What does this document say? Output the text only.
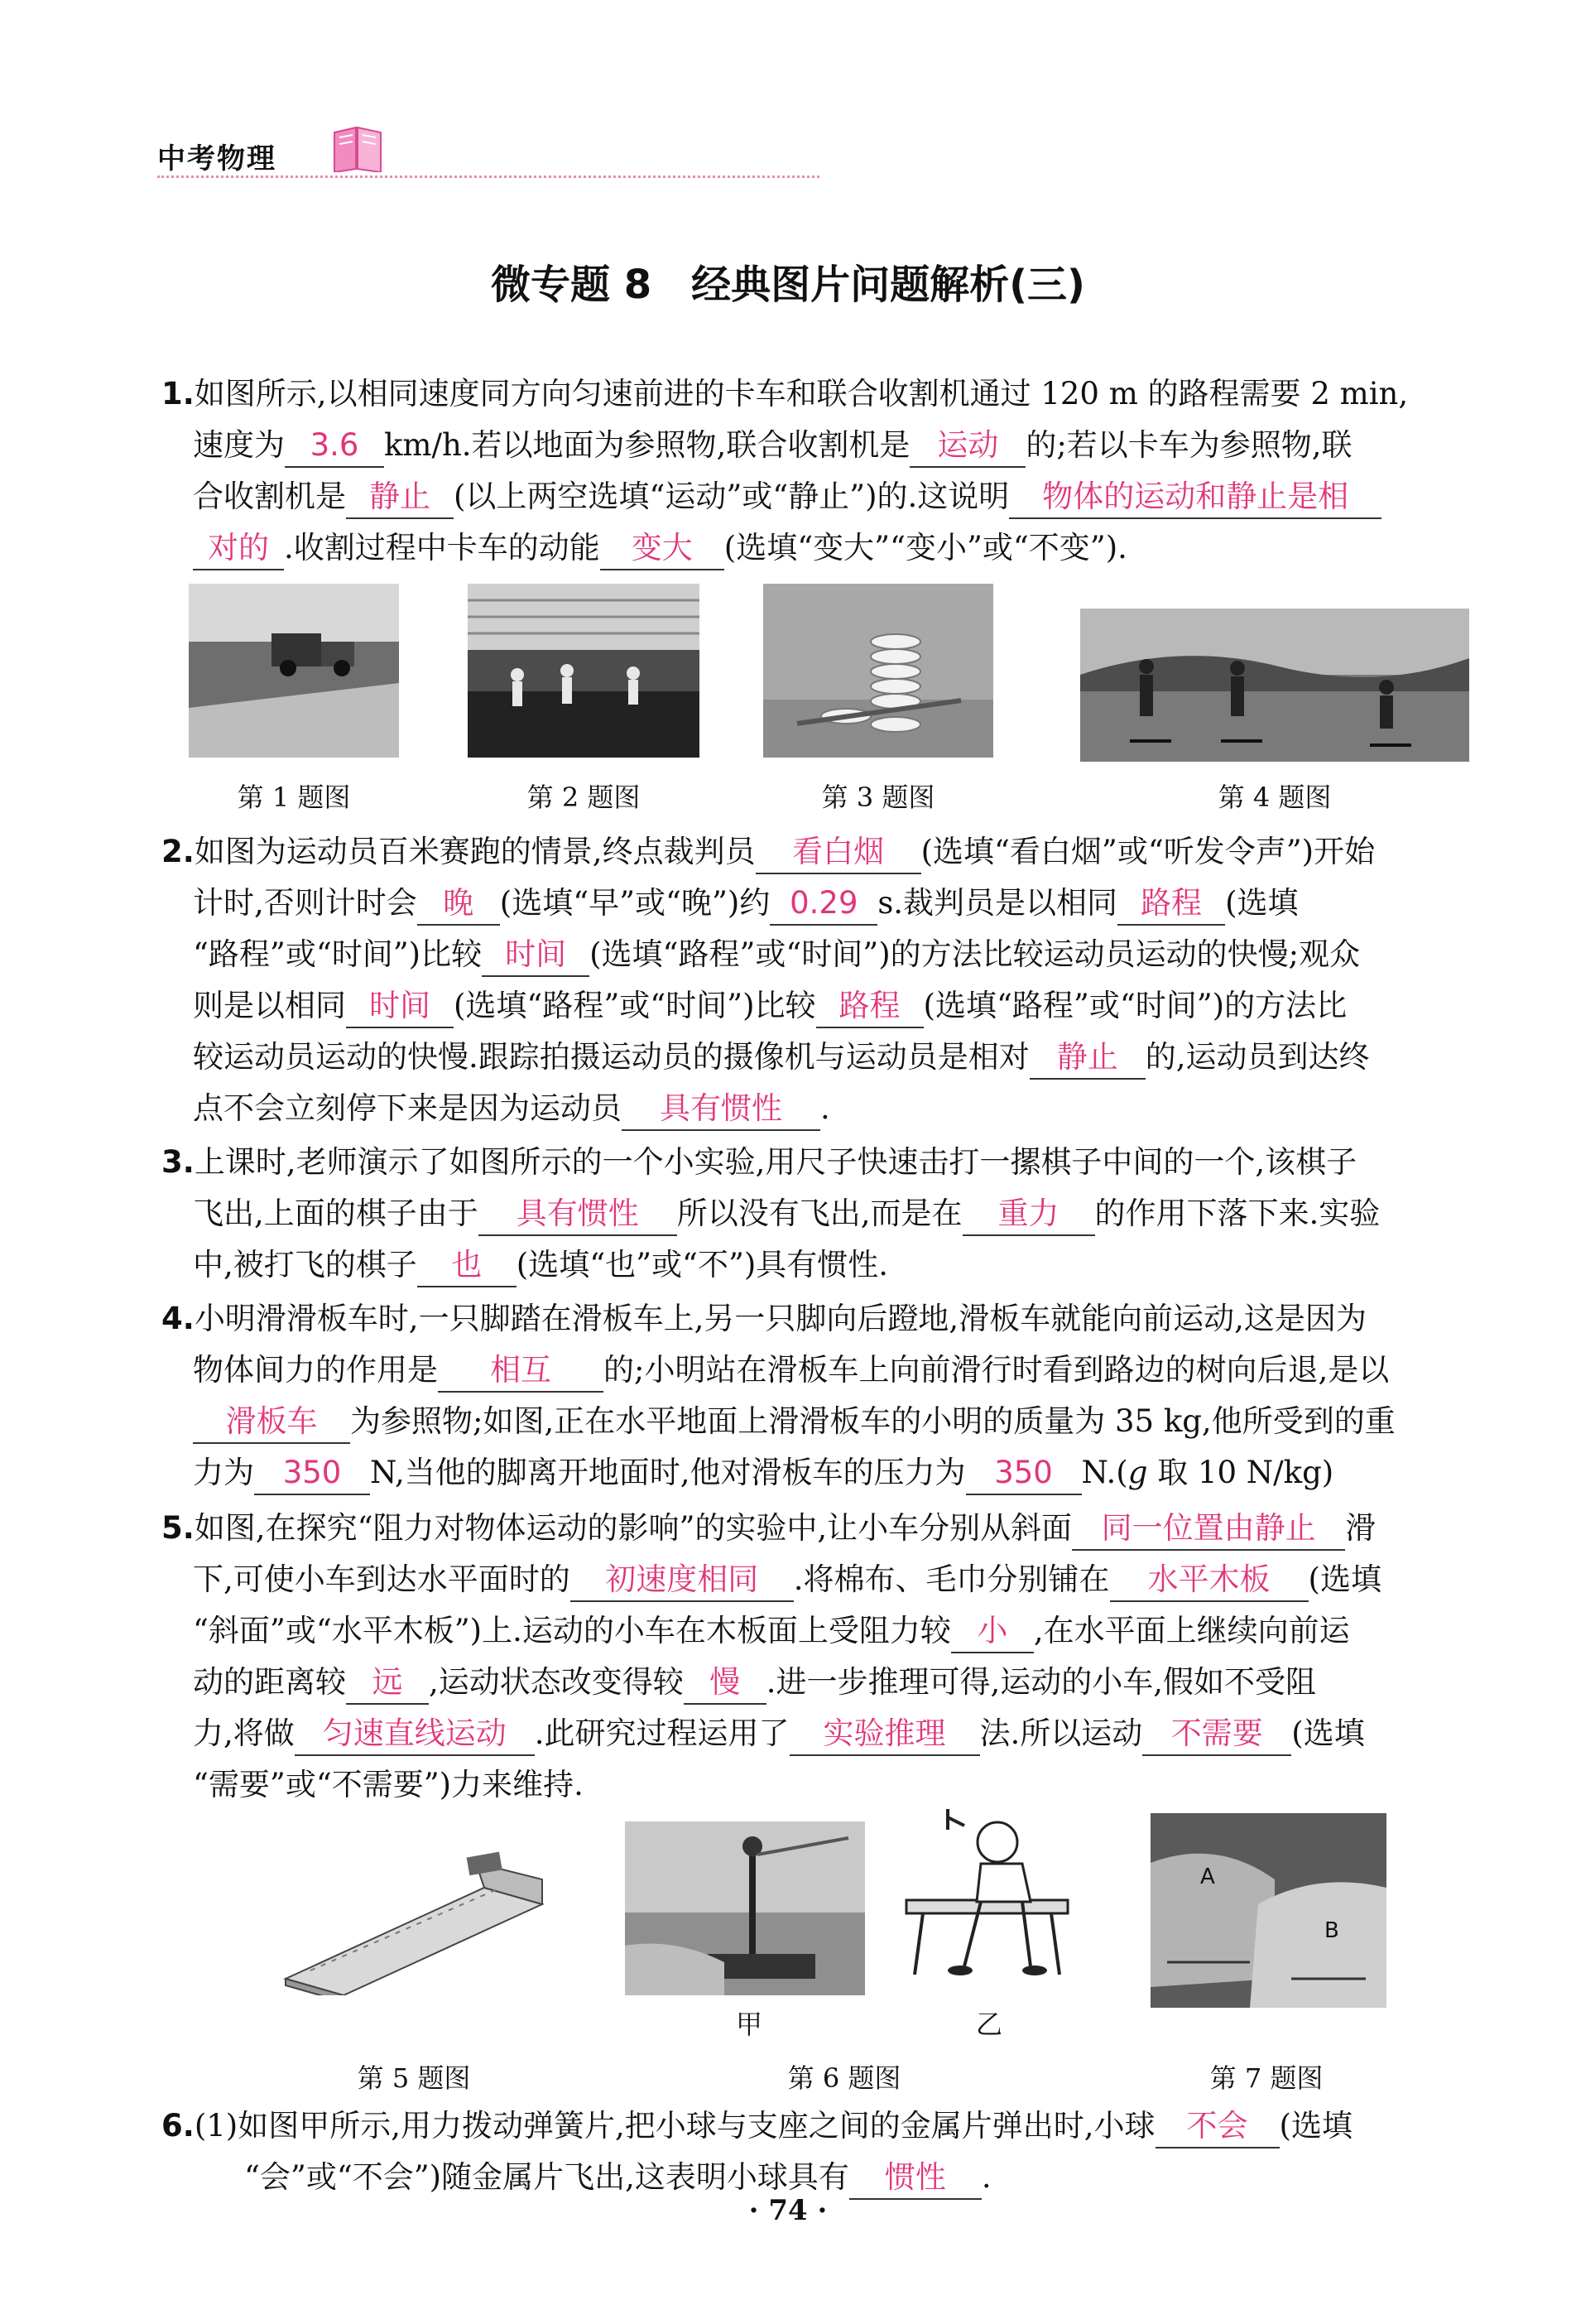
中考物理
微专题 8　经典图片问题解析(三)

1.如图所示,以相同速度同方向匀速前进的卡车和联合收割机通过 120 m 的路程需要 2 min,

速度为 3.6 km/h.若以地面为参照物,联合收割机是 运动 的;若以卡车为参照物,联

合收割机是 静止 (以上两空选填“运动”或“静止”)的.这说明 物体的运动和静止是相

对的 .收割过程中卡车的动能 变大 (选填“变大”“变小”或“不变”).

第 1 题图	第 2 题图	第 3 题图	第 4 题图

2.如图为运动员百米赛跑的情景,终点裁判员 看白烟 (选填“看白烟”或“听发令声”)开始

计时,否则计时会 晚 (选填“早”或“晚”)约 0.29 s.裁判员是以相同 路程 (选填

“路程”或“时间”)比较 时间 (选填“路程”或“时间”)的方法比较运动员运动的快慢;观众

则是以相同 时间 (选填“路程”或“时间”)比较 路程 (选填“路程”或“时间”)的方法比

较运动员运动的快慢.跟踪拍摄运动员的摄像机与运动员是相对 静止 的,运动员到达终

点不会立刻停下来是因为运动员 具有惯性 .

3.上课时,老师演示了如图所示的一个小实验,用尺子快速击打一摞棋子中间的一个,该棋子

飞出,上面的棋子由于 具有惯性 所以没有飞出,而是在 重力 的作用下落下来.实验

中,被打飞的棋子 也 (选填“也”或“不”)具有惯性.

4.小明滑滑板车时,一只脚踏在滑板车上,另一只脚向后蹬地,滑板车就能向前运动,这是因为

物体间力的作用是 相互 的;小明站在滑板车上向前滑行时看到路边的树向后退,是以

滑板车 为参照物;如图,正在水平地面上滑滑板车的小明的质量为 35 kg,他所受到的重

力为 350 N,当他的脚离开地面时,他对滑板车的压力为 350 N.(g 取 10 N/kg)

5.如图,在探究“阻力对物体运动的影响”的实验中,让小车分别从斜面 同一位置由静止 滑

下,可使小车到达水平面时的 初速度相同 .将棉布、毛巾分别铺在 水平木板 (选填

“斜面”或“水平木板”)上.运动的小车在木板面上受阻力较 小 ,在水平面上继续向前运

动的距离较 远 ,运动状态改变得较 慢 .进一步推理可得,运动的小车,假如不受阻

力,将做 匀速直线运动 .此研究过程运用了 实验推理 法.所以运动 不需要 (选填

“需要”或“不需要”)力来维持.

A
B
甲	乙
第 5 题图	第 6 题图	第 7 题图

6.(1)如图甲所示,用力拨动弹簧片,把小球与支座之间的金属片弹出时,小球 不会 (选填

“会”或“不会”)随金属片飞出,这表明小球具有 惯性 .

· 74 ·
